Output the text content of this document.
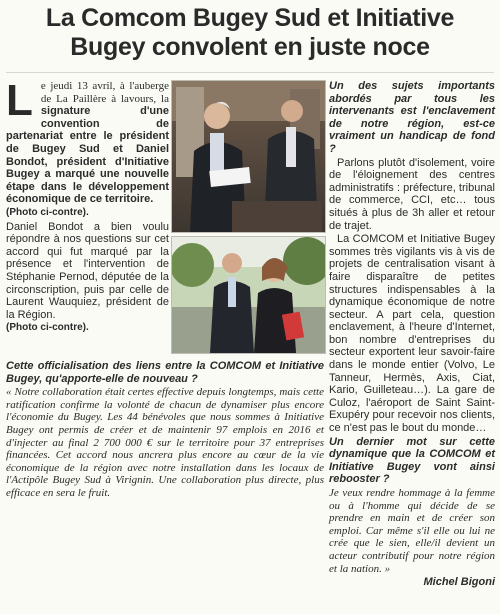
La Comcom Bugey Sud et Initiative Bugey convolent en juste noce

Le jeudi 13 avril, à l'auberge de La Paillère à lavours, la signature d'une convention de partenariat entre le président de Bugey Sud et Daniel Bondot, président d'Initiative Bugey a marqué une nouvelle étape dans le développement économique de ce territoire.

(Photo ci-contre).

Daniel Bondot a bien voulu répondre à nos questions sur cet accord qui fut marqué par la présence et l'intervention de Stéphanie Pernod, députée de la circonscription, puis par celle de Laurent Wauquiez, président de la Région.

(Photo ci-contre).

Cette officialisation des liens entre la COMCOM et Initiative Bugey, qu'apporte-elle de nouveau ?

« Notre collaboration était certes effective depuis longtemps, mais cette ratification confirme la volonté de chacun de dynamiser plus encore l'économie du Bugey. Les 44 bénévoles que nous sommes à Initiative Bugey ont permis de créer et de maintenir 97 emplois en 2016 et d'injecter au final 2 700 000 € sur le territoire pour 37 entreprises financées. Cet accord nous ancrera plus encore au cœur de la vie économique de la région avec notre installation dans les locaux de l'Actipôle Bugey Sud à Virignin. Une collaboration plus directe, plus efficace en sera le fruit.

Un des sujets importants abordés par tous les intervenants est l'enclavement de notre région, est-ce vraiment un handicap de fond ?

Parlons plutôt d'isolement, voire de l'éloignement des centres administratifs : préfecture, tribunal de commerce, CCI, etc… tous situés à plus de 3h aller et retour de trajet.

La COMCOM et Initiative Bugey sommes très vigilants vis à vis de projets de centralisation visant à faire disparaître de petites structures indispensables à la dynamique économique de notre secteur. A part cela, question enclavement, à l'heure d'Internet, bon nombre d'entreprises du secteur exportent leur savoir-faire dans le monde entier (Volvo, Le Tanneur, Hermès, Axis, Ciat, Kario, Guilleteau…). La gare de Culoz, l'aéroport de Saint Saint-Exupéry pour recevoir nos clients, ce n'est pas le bout du monde…

Un dernier mot sur cette dynamique que la COMCOM et Initiative Bugey vont ainsi rebooster ?

Je veux rendre hommage à la femme ou à l'homme qui décide de se prendre en main et de créer son emploi. Car même s'il elle ou lui ne crée que le sien, elle/il devient un acteur contributif pour notre région et la nation. »

Michel Bigoni
